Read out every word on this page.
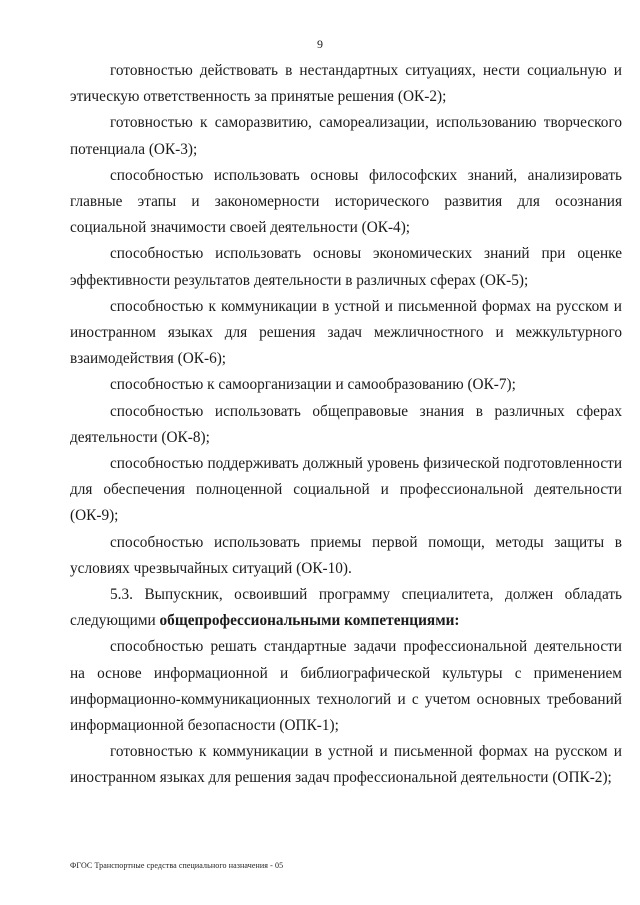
9

готовностью действовать в нестандартных ситуациях, нести социальную и этическую ответственность за принятые решения (ОК-2);

готовностью к саморазвитию, самореализации, использованию творческого потенциала (ОК-3);

способностью использовать основы философских знаний, анализировать главные этапы и закономерности исторического развития для осознания социальной значимости своей деятельности (ОК-4);

способностью использовать основы экономических знаний при оценке эффективности результатов деятельности в различных сферах (ОК-5);

способностью к коммуникации в устной и письменной формах на русском и иностранном языках для решения задач межличностного и межкультурного взаимодействия (ОК-6);

способностью к самоорганизации и самообразованию (ОК-7);

способностью использовать общеправовые знания в различных сферах деятельности (ОК-8);

способностью поддерживать должный уровень физической подготовленности для обеспечения полноценной социальной и профессиональной деятельности (ОК-9);

способностью использовать приемы первой помощи, методы защиты в условиях чрезвычайных ситуаций (ОК-10).

5.3. Выпускник, освоивший программу специалитета, должен обладать следующими общепрофессиональными компетенциями:

способностью решать стандартные задачи профессиональной деятельности на основе информационной и библиографической культуры с применением информационно-коммуникационных технологий и с учетом основных требований информационной безопасности (ОПК-1);

готовностью к коммуникации в устной и письменной формах на русском и иностранном языках для решения задач профессиональной деятельности (ОПК-2);

ФГОС Транспортные средства специального назначения - 05
